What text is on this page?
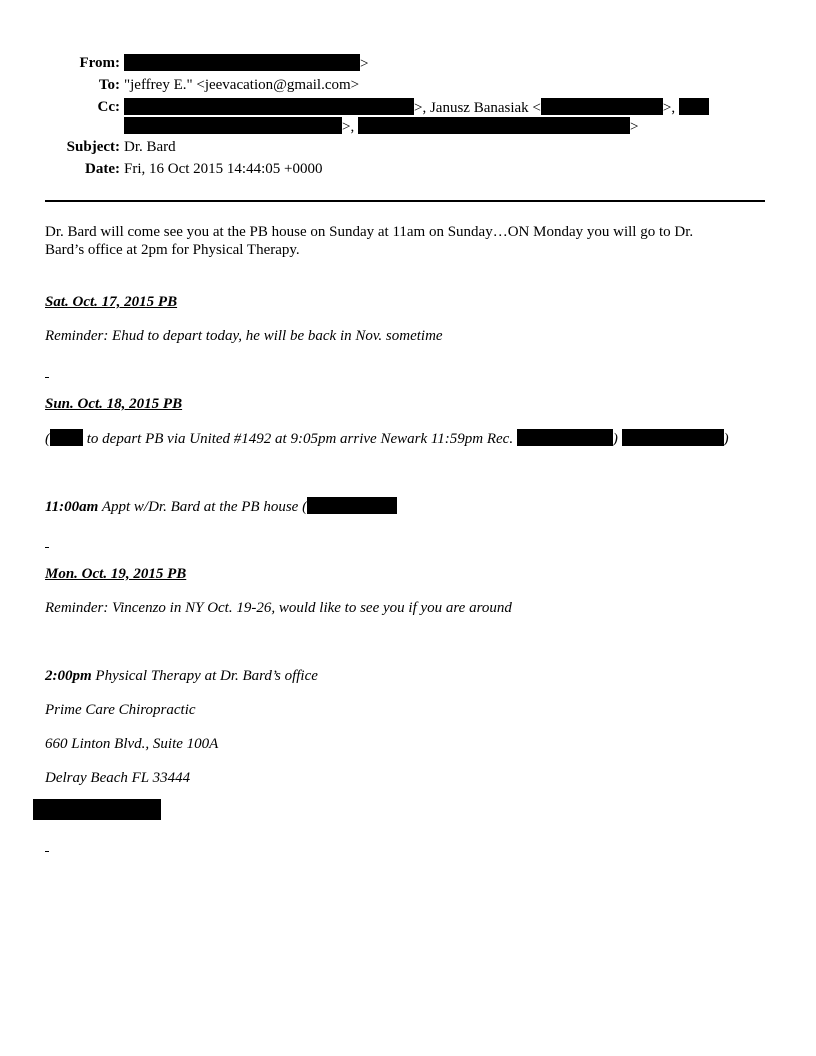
From:	>
To: "jeffrey E." <jeevacation@gmail.com>
Cc:	>, Janusz Banasiak <	>,
>,	>
Subject: Dr. Bard
Date: Fri, 16 Oct 2015 14:44:05 +0000
Dr. Bard will come see you at the PB house on Sunday at 11am on Sunday…ON Monday you will go to Dr.
Bard’s office at 2pm for Physical Therapy.
Sat. Oct. 17, 2015 PB
Reminder: Ehud to depart today, he will be back in Nov. sometime
Sun. Oct. 18, 2015 PB
( to depart PB via United #1492 at 9:05pm arrive Newark 11:59pm Rec.	)	)
11:00am Appt w/Dr. Bard at the PB house (
Mon. Oct. 19, 2015 PB
Reminder: Vincenzo in NY Oct. 19-26, would like to see you if you are around
2:00pm Physical Therapy at Dr. Bard’s office
Prime Care Chiropractic
660 Linton Blvd., Suite 100A
Delray Beach FL 33444
